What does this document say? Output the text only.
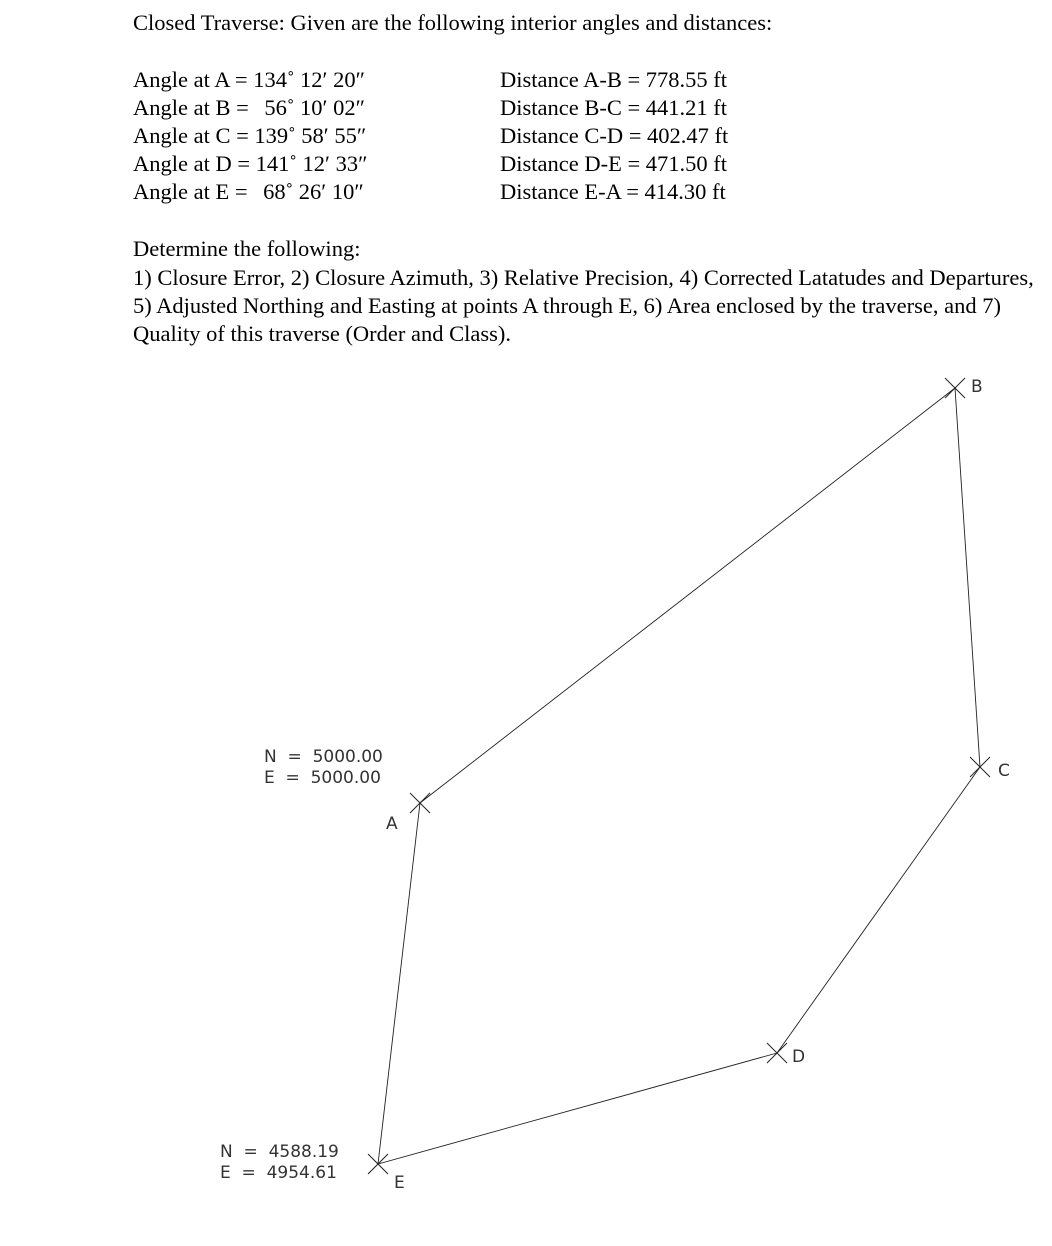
Closed Traverse: Given are the following interior angles and distances:
Angle at A = 134˚ 12′ 20″
Angle at B = 56˚ 10′ 02″
Angle at C = 139˚ 58′ 55″
Angle at D = 141˚ 12′ 33″
Angle at E = 68˚ 26′ 10″
Distance A-B = 778.55 ft
Distance B-C = 441.21 ft
Distance C-D = 402.47 ft
Distance D-E = 471.50 ft
Distance E-A = 414.30 ft
Determine the following:
1) Closure Error, 2) Closure Azimuth, 3) Relative Precision, 4) Corrected Latatudes and Departures, 5) Adjusted Northing and Easting at points A through E, 6) Area enclosed by the traverse, and 7) Quality of this traverse (Order and Class).
A
B
C
D
E
N  =  5000.00
E  =  5000.00
N  =  4588.19
E  =  4954.61
